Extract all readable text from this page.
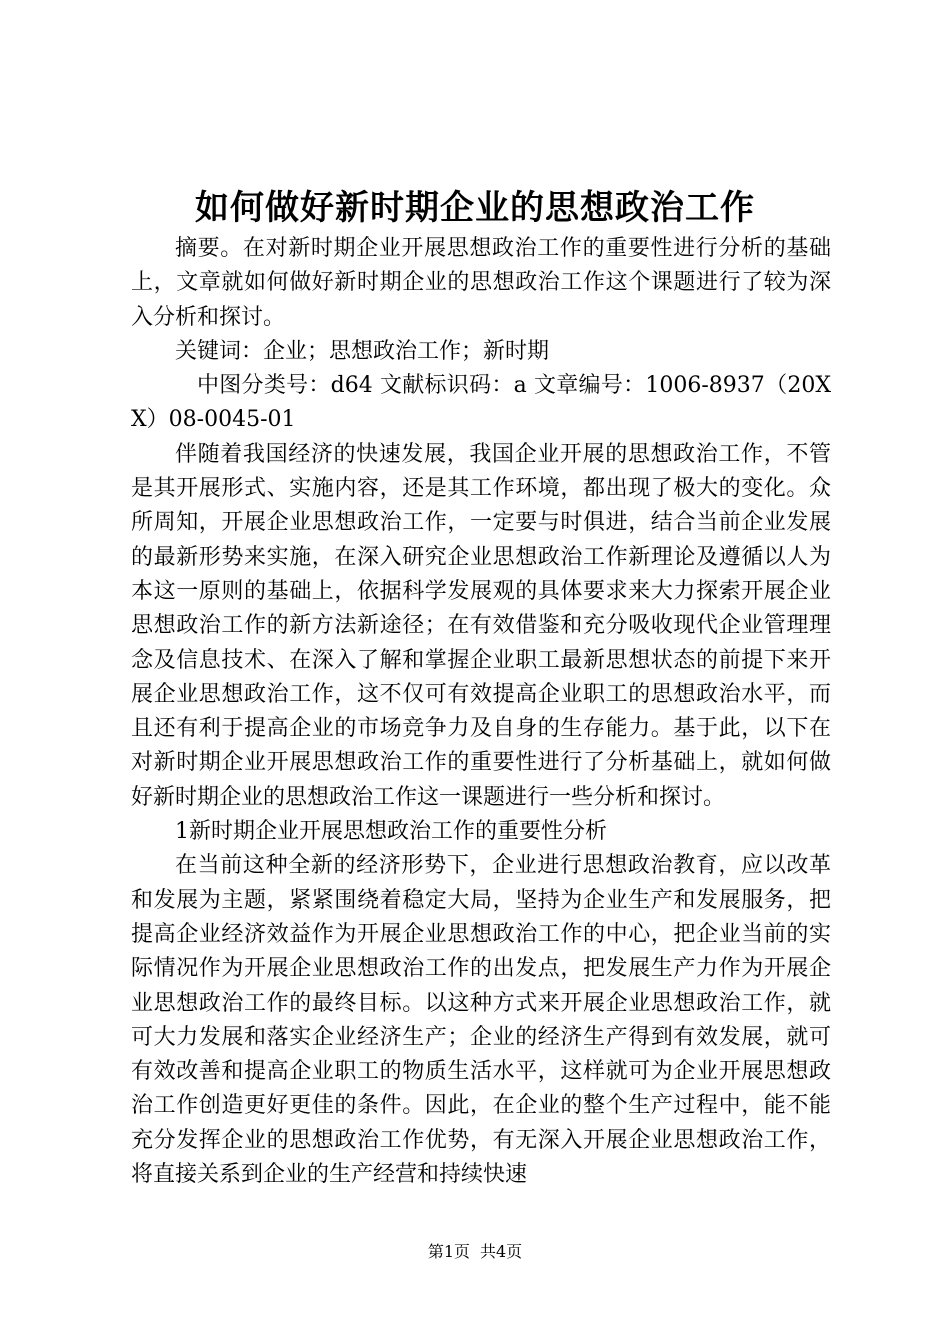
如何做好新时期企业的思想政治工作

摘要。在对新时期企业开展思想政治工作的重要性进行分析的基础上，文章就如何做好新时期企业的思想政治工作这个课题进行了较为深入分析和探讨。

关键词：企业；思想政治工作；新时期

中图分类号：d64 文献标识码：a 文章编号：1006-8937（20XX）08-0045-01

伴随着我国经济的快速发展，我国企业开展的思想政治工作，不管是其开展形式、实施内容，还是其工作环境，都出现了极大的变化。众所周知，开展企业思想政治工作，一定要与时俱进，结合当前企业发展的最新形势来实施，在深入研究企业思想政治工作新理论及遵循以人为本这一原则的基础上，依据科学发展观的具体要求来大力探索开展企业思想政治工作的新方法新途径；在有效借鉴和充分吸收现代企业管理理念及信息技术、在深入了解和掌握企业职工最新思想状态的前提下来开展企业思想政治工作，这不仅可有效提高企业职工的思想政治水平，而且还有利于提高企业的市场竞争力及自身的生存能力。基于此，以下在对新时期企业开展思想政治工作的重要性进行了分析基础上，就如何做好新时期企业的思想政治工作这一课题进行一些分析和探讨。

1新时期企业开展思想政治工作的重要性分析

在当前这种全新的经济形势下，企业进行思想政治教育，应以改革和发展为主题，紧紧围绕着稳定大局，坚持为企业生产和发展服务，把提高企业经济效益作为开展企业思想政治工作的中心，把企业当前的实际情况作为开展企业思想政治工作的出发点，把发展生产力作为开展企业思想政治工作的最终目标。以这种方式来开展企业思想政治工作，就可大力发展和落实企业经济生产；企业的经济生产得到有效发展，就可有效改善和提高企业职工的物质生活水平，这样就可为企业开展思想政治工作创造更好更佳的条件。因此，在企业的整个生产过程中，能不能充分发挥企业的思想政治工作优势，有无深入开展企业思想政治工作，将直接关系到企业的生产经营和持续快速

第1页 共4页
